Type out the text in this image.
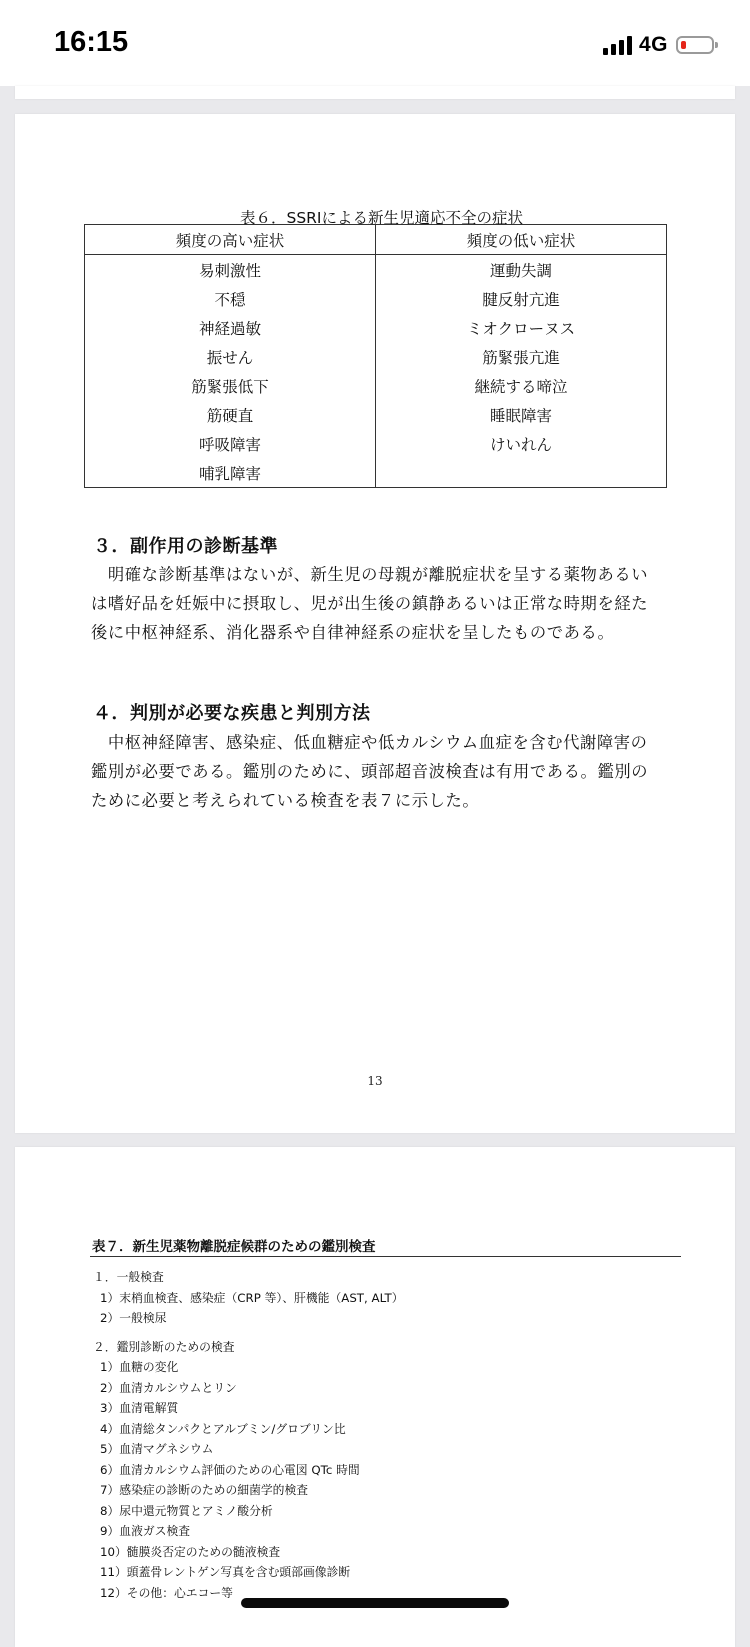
16:15	4G
表６．SSRIによる新生児適応不全の症状
頻度の高い症状	頻度の低い症状
易刺激性	運動失調
不穏	腱反射亢進
神経過敏	ミオクローヌス
振せん	筋緊張亢進
筋緊張低下	継続する啼泣
筋硬直	睡眠障害
呼吸障害	けいれん
哺乳障害	
３．副作用の診断基準
　明確な診断基準はないが、新生児の母親が離脱症状を呈する薬物あるい
は嗜好品を妊娠中に摂取し、児が出生後の鎮静あるいは正常な時期を経た
後に中枢神経系、消化器系や自律神経系の症状を呈したものである。
４．判別が必要な疾患と判別方法
　中枢神経障害、感染症、低血糖症や低カルシウム血症を含む代謝障害の
鑑別が必要である。鑑別のために、頭部超音波検査は有用である。鑑別の
ために必要と考えられている検査を表７に示した。
13
表７．新生児薬物離脱症候群のための鑑別検査
１．一般検査
1）末梢血検査、感染症（CRP 等）、肝機能（AST, ALT）
2）一般検尿
２．鑑別診断のための検査
1）血糖の変化
2）血清カルシウムとリン
3）血清電解質
4）血清総タンパクとアルブミン/グロブリン比
5）血清マグネシウム
6）血清カルシウム評価のための心電図 QTc 時間
7）感染症の診断のための細菌学的検査
8）尿中還元物質とアミノ酸分析
9）血液ガス検査
10）髄膜炎否定のための髄液検査
11）頭蓋骨レントゲン写真を含む頭部画像診断
12）その他：心エコー等
